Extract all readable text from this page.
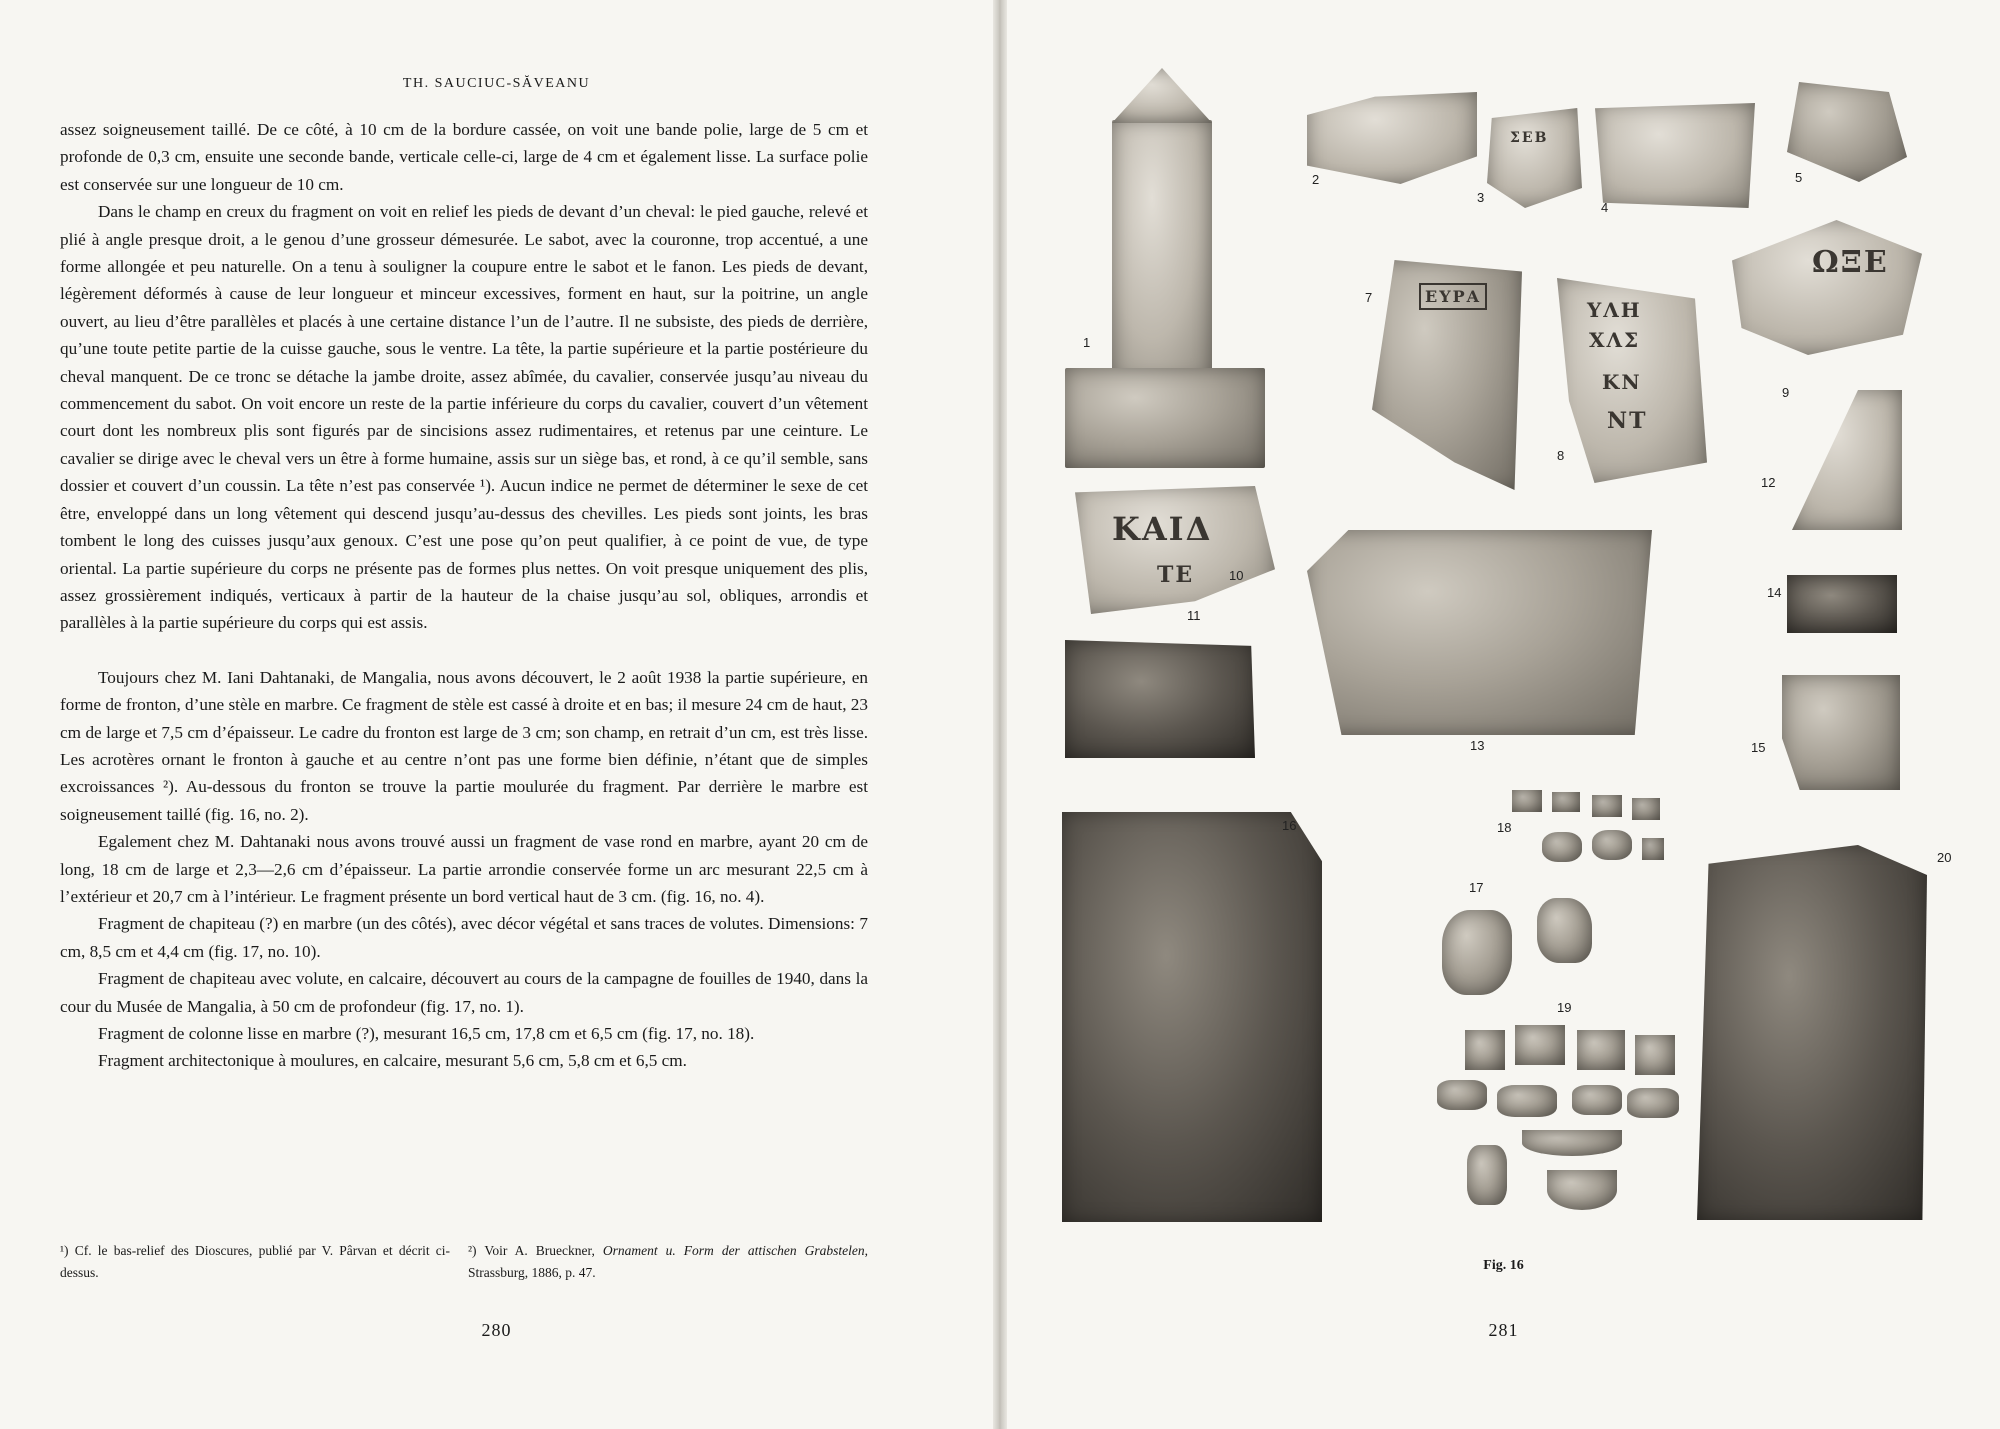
TH. SAUCIUC-SĂVEANU

assez soigneusement taillé. De ce côté, à 10 cm de la bordure cassée, on voit une bande polie, large de 5 cm et profonde de 0,3 cm, ensuite une seconde bande, verticale celle-ci, large de 4 cm et également lisse. La surface polie est conservée sur une longueur de 10 cm.

Dans le champ en creux du fragment on voit en relief les pieds de devant d’un cheval: le pied gauche, relevé et plié à angle presque droit, a le genou d’une grosseur démesurée. Le sabot, avec la couronne, trop accentué, a une forme allongée et peu naturelle. On a tenu à souligner la coupure entre le sabot et le fanon. Les pieds de devant, légèrement déformés à cause de leur longueur et minceur excessives, forment en haut, sur la poitrine, un angle ouvert, au lieu d’être parallèles et placés à une certaine distance l’un de l’autre. Il ne subsiste, des pieds de derrière, qu’une toute petite partie de la cuisse gauche, sous le ventre. La tête, la partie supérieure et la partie postérieure du cheval manquent. De ce tronc se détache la jambe droite, assez abîmée, du cavalier, conservée jusqu’au niveau du commencement du sabot. On voit encore un reste de la partie inférieure du corps du cavalier, couvert d’un vêtement court dont les nombreux plis sont figurés par de sincisions assez rudimentaires, et retenus par une ceinture. Le cavalier se dirige avec le cheval vers un être à forme humaine, assis sur un siège bas, et rond, à ce qu’il semble, sans dossier et couvert d’un coussin. La tête n’est pas conservée ¹). Aucun indice ne permet de déterminer le sexe de cet être, enveloppé dans un long vêtement qui descend jusqu’au-dessus des chevilles. Les pieds sont joints, les bras tombent le long des cuisses jusqu’aux genoux. C’est une pose qu’on peut qualifier, à ce point de vue, de type oriental. La partie supérieure du corps ne présente pas de formes plus nettes. On voit presque uniquement des plis, assez grossièrement indiqués, verticaux à partir de la hauteur de la chaise jusqu’au sol, obliques, arrondis et parallèles à la partie supérieure du corps qui est assis.

Toujours chez M. Iani Dahtanaki, de Mangalia, nous avons découvert, le 2 août 1938 la partie supérieure, en forme de fronton, d’une stèle en marbre. Ce fragment de stèle est cassé à droite et en bas; il mesure 24 cm de haut, 23 cm de large et 7,5 cm d’épaisseur. Le cadre du fronton est large de 3 cm; son champ, en retrait d’un cm, est très lisse. Les acrotères ornant le fronton à gauche et au centre n’ont pas une forme bien définie, n’étant que de simples excroissances ²). Au-dessous du fronton se trouve la partie moulurée du fragment. Par derrière le marbre est soigneusement taillé (fig. 16, no. 2).

Egalement chez M. Dahtanaki nous avons trouvé aussi un fragment de vase rond en marbre, ayant 20 cm de long, 18 cm de large et 2,3—2,6 cm d’épaisseur. La partie arrondie conservée forme un arc mesurant 22,5 cm à l’extérieur et 20,7 cm à l’intérieur. Le fragment présente un bord vertical haut de 3 cm. (fig. 16, no. 4).

Fragment de chapiteau (?) en marbre (un des côtés), avec décor végétal et sans traces de volutes. Dimensions: 7 cm, 8,5 cm et 4,4 cm (fig. 17, no. 10).

Fragment de chapiteau avec volute, en calcaire, découvert au cours de la campagne de fouilles de 1940, dans la cour du Musée de Mangalia, à 50 cm de profondeur (fig. 17, no. 1).

Fragment de colonne lisse en marbre (?), mesurant 16,5 cm, 17,8 cm et 6,5 cm (fig. 17, no. 18).

Fragment architectonique à moulures, en calcaire, mesurant 5,6 cm, 5,8 cm et 6,5 cm.

¹) Cf. le bas-relief des Dioscures, publié par V. Pârvan et décrit ci-dessus.
²) Voir A. Brueckner, Ornament u. Form der attischen Grabstelen, Strassburg, 1886, p. 47.
280
1
2
ΣΕΒ
3
4
5
ΕΥΡΑ
7
ΥΛΗ
ΧΛΣ
ΚΝ
ΝΤ
8
ΩΞΕ
9
12
ΚΑΙΔ
ΤΕ	10
11
13
14
15
16
17
18
19
20
Fig. 16
281
